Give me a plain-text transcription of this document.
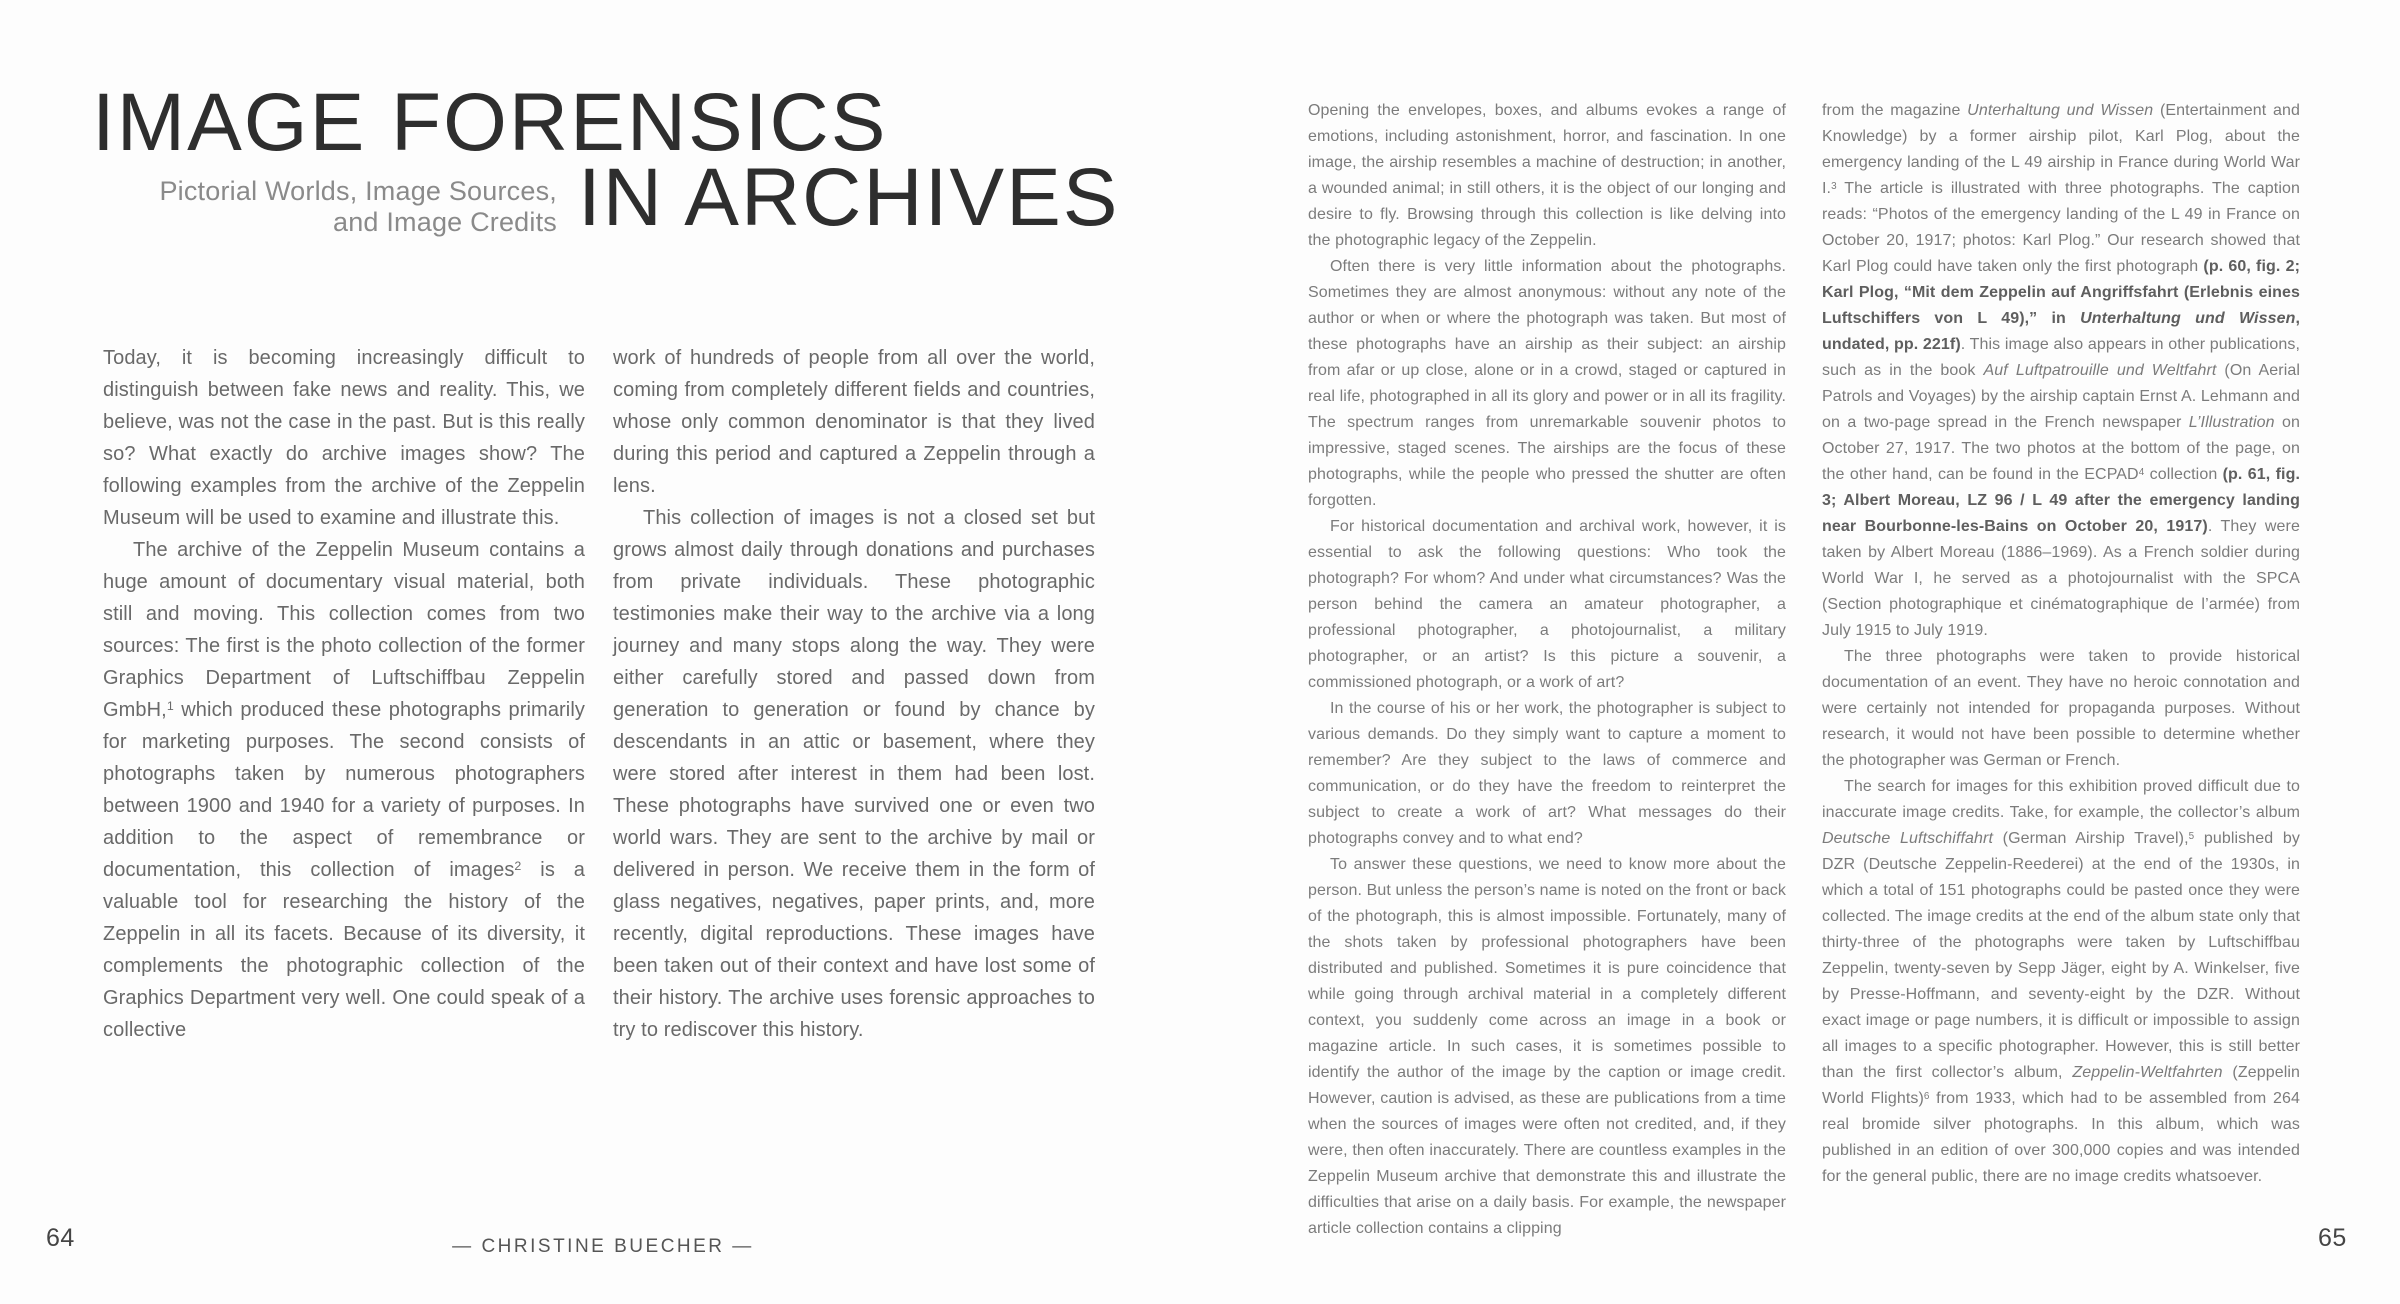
IMAGE FORENSICS
IN ARCHIVES
Pictorial Worlds, Image Sources,
and Image Credits

Today, it is becoming increasingly difficult to distinguish between fake news and reality. This, we believe, was not the case in the past. But is this really so? What exactly do archive images show? The following examples from the archive of the Zeppelin Museum will be used to examine and illustrate this.

The archive of the Zeppelin Museum contains a huge amount of documentary visual material, both still and moving. This collection comes from two sources: The first is the photo collection of the former Graphics Department of Luftschiffbau Zeppelin GmbH,$^1$ which produced these photographs primarily for marketing purposes. The second consists of photographs taken by numerous photographers between 1900 and 1940 for a variety of purposes. In addition to the aspect of remembrance or documentation, this collection of images$^2$ is a valuable tool for researching the history of the Zeppelin in all its facets. Because of its diversity, it complements the photographic collection of the Graphics Department very well. One could speak of a collective

work of hundreds of people from all over the world, coming from completely different fields and countries, whose only common denominator is that they lived during this period and captured a Zeppelin through a lens.

This collection of images is not a closed set but grows almost daily through donations and purchases from private individuals. These photographic testimonies make their way to the archive via a long journey and many stops along the way. They were either carefully stored and passed down from generation to generation or found by chance by descendants in an attic or basement, where they were stored after interest in them had been lost. These photographs have survived one or even two world wars. They are sent to the archive by mail or delivered in person. We receive them in the form of glass negatives, negatives, paper prints, and, more recently, digital reproductions. These images have been taken out of their context and have lost some of their history. The archive uses forensic approaches to try to rediscover this history.

64	— CHRISTINE BUECHER —

Opening the envelopes, boxes, and albums evokes a range of emotions, including astonishment, horror, and fascination. In one image, the airship resembles a machine of destruction; in another, a wounded animal; in still others, it is the object of our longing and desire to fly. Browsing through this collection is like delving into the photographic legacy of the Zeppelin.

Often there is very little information about the photographs. Sometimes they are almost anonymous: without any note of the author or when or where the photograph was taken. But most of these photographs have an airship as their subject: an airship from afar or up close, alone or in a crowd, staged or captured in real life, photographed in all its glory and power or in all its fragility. The spectrum ranges from unremarkable souvenir photos to impressive, staged scenes. The airships are the focus of these photographs, while the people who pressed the shutter are often forgotten.

For historical documentation and archival work, however, it is essential to ask the following questions: Who took the photograph? For whom? And under what circumstances? Was the person behind the camera an amateur photographer, a professional photographer, a photojournalist, a military photographer, or an artist? Is this picture a souvenir, a commissioned photograph, or a work of art?

In the course of his or her work, the photographer is subject to various demands. Do they simply want to capture a moment to remember? Are they subject to the laws of commerce and communication, or do they have the freedom to reinterpret the subject to create a work of art? What messages do their photographs convey and to what end?

To answer these questions, we need to know more about the person. But unless the person’s name is noted on the front or back of the photograph, this is almost impossible. Fortunately, many of the shots taken by professional photographers have been distributed and published. Sometimes it is pure coincidence that while going through archival material in a completely different context, you suddenly come across an image in a book or magazine article. In such cases, it is sometimes possible to identify the author of the image by the caption or image credit. However, caution is advised, as these are publications from a time when the sources of images were often not credited, and, if they were, then often inaccurately. There are countless examples in the Zeppelin Museum archive that demonstrate this and illustrate the difficulties that arise on a daily basis. For example, the newspaper article collection contains a clipping

from the magazine Unterhaltung und Wissen (Entertainment and Knowledge) by a former airship pilot, Karl Plog, about the emergency landing of the L 49 airship in France during World War I.$^3$ The article is illustrated with three photographs. The caption reads: “Photos of the emergency landing of the L 49 in France on October 20, 1917; photos: Karl Plog.” Our research showed that Karl Plog could have taken only the first photograph (p. 60, fig. 2; Karl Plog, “Mit dem Zeppelin auf Angriffsfahrt (Erlebnis eines Luftschiffers von L 49),” in Unterhaltung und Wissen, undated, pp. 221f). This image also appears in other publications, such as in the book Auf Luftpatrouille und Weltfahrt (On Aerial Patrols and Voyages) by the airship captain Ernst A. Lehmann and on a two-page spread in the French newspaper L’Illustration on October 27, 1917. The two photos at the bottom of the page, on the other hand, can be found in the ECPAD$^4$ collection (p. 61, fig. 3; Albert Moreau, LZ 96 / L 49 after the emergency landing near Bourbonne-les-Bains on October 20, 1917). They were taken by Albert Moreau (1886–1969). As a French soldier during World War I, he served as a photojournalist with the SPCA (Section photographique et cinématographique de l’armée) from July 1915 to July 1919.

The three photographs were taken to provide historical documentation of an event. They have no heroic connotation and were certainly not intended for propaganda purposes. Without research, it would not have been possible to determine whether the photographer was German or French.

The search for images for this exhibition proved difficult due to inaccurate image credits. Take, for example, the collector’s album Deutsche Luftschiffahrt (German Airship Travel),$^5$ published by DZR (Deutsche Zeppelin-Reederei) at the end of the 1930s, in which a total of 151 photographs could be pasted once they were collected. The image credits at the end of the album state only that thirty-three of the photographs were taken by Luftschiffbau Zeppelin, twenty-seven by Sepp Jäger, eight by A. Winkelser, five by Presse-Hoffmann, and seventy-eight by the DZR. Without exact image or page numbers, it is difficult or impossible to assign all images to a specific photographer. However, this is still better than the first collector’s album, Zeppelin-Weltfahrten (Zeppelin World Flights)$^6$ from 1933, which had to be assembled from 264 real bromide silver photographs. In this album, which was published in an edition of over 300,000 copies and was intended for the general public, there are no image credits whatsoever.

65
